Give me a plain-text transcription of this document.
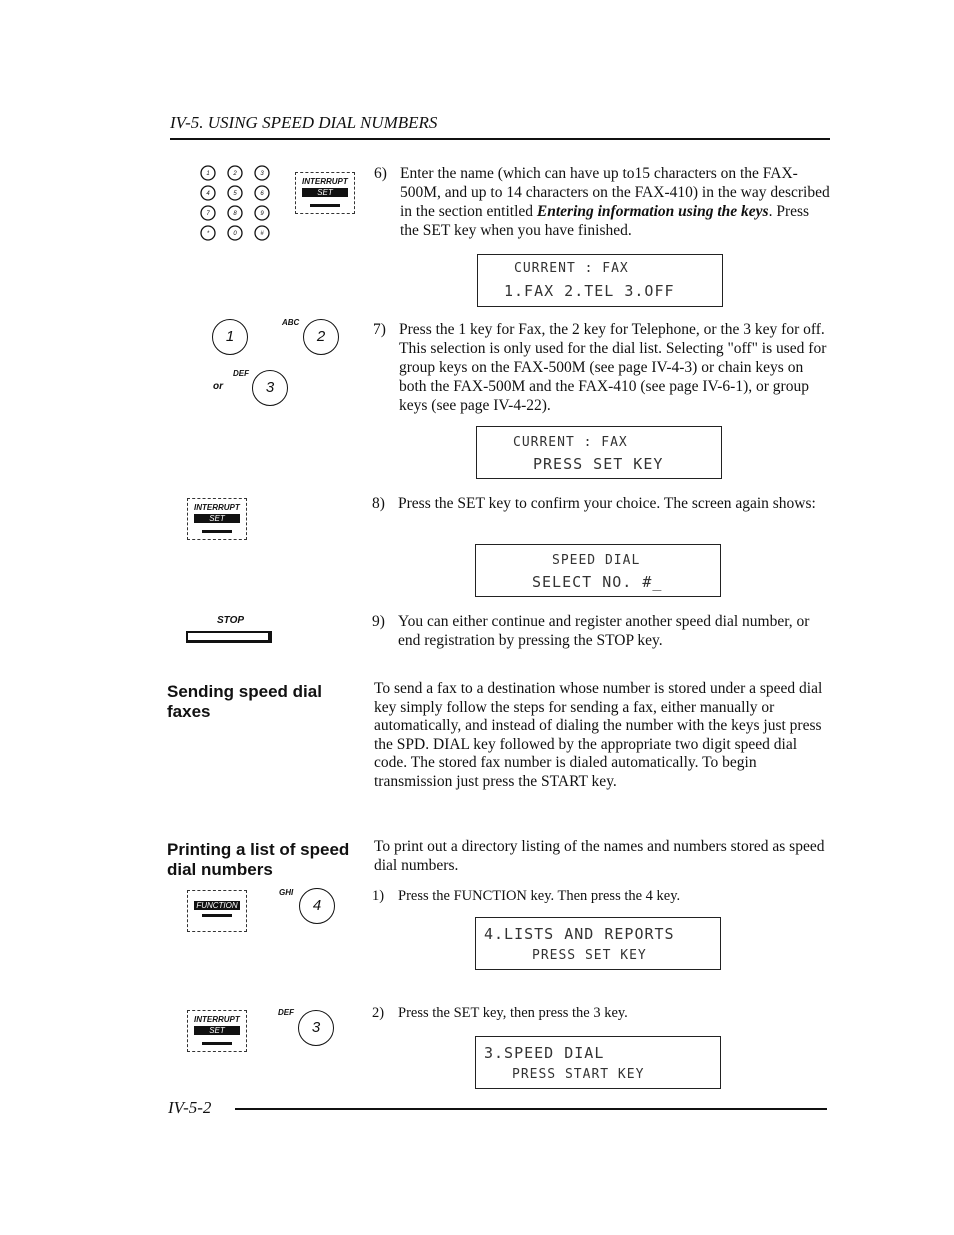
IV-5. USING SPEED DIAL NUMBERS
1	2	3
4	5	6
7	8	9
*	0	#
INTERRUPT
SET
6) Enter the name (which can have up to15 characters on the FAX-500M, and up to 14 characters on the FAX-410) in the way described in the section entitled Entering information using the keys. Press the SET key when you have finished.
CURRENT : FAX
1.FAX 2.TEL 3.OFF
1
ABC
2
DEF
or	3
7) Press the 1 key for Fax, the 2 key for Telephone, or the 3 key for off. This selection is only used for the dial list. Selecting "off" is used for group keys on the FAX-500M (see page IV-4-3) or chain keys on both the FAX-500M and the FAX-410 (see page IV-6-1), or group keys (see page IV-4-22).
CURRENT : FAX
PRESS SET KEY
INTERRUPT
SET
8) Press the SET key to confirm your choice. The screen again shows:
SPEED DIAL
SELECT NO. #_
STOP	9) You can either continue and register another speed dial number, or end registration by pressing the STOP key.
Sending speed dial faxes
To send a fax to a destination whose number is stored under a speed dial key simply follow the steps for sending a fax, either manually or automatically, and instead of dialing the number with the keys just press the SPD. DIAL key followed by the appropriate two digit speed dial code. The stored fax number is dialed automatically. To begin transmission just press the START key.
Printing a list of speed dial numbers
To print out a directory listing of the names and numbers stored as speed dial numbers.
FUNCTION
GHI
4
1) Press the FUNCTION key. Then press the 4 key.
4.LISTS AND REPORTS
PRESS SET KEY
INTERRUPT
SET
DEF
3
2) Press the SET key, then press the 3 key.
3.SPEED DIAL
PRESS START KEY
IV-5-2
